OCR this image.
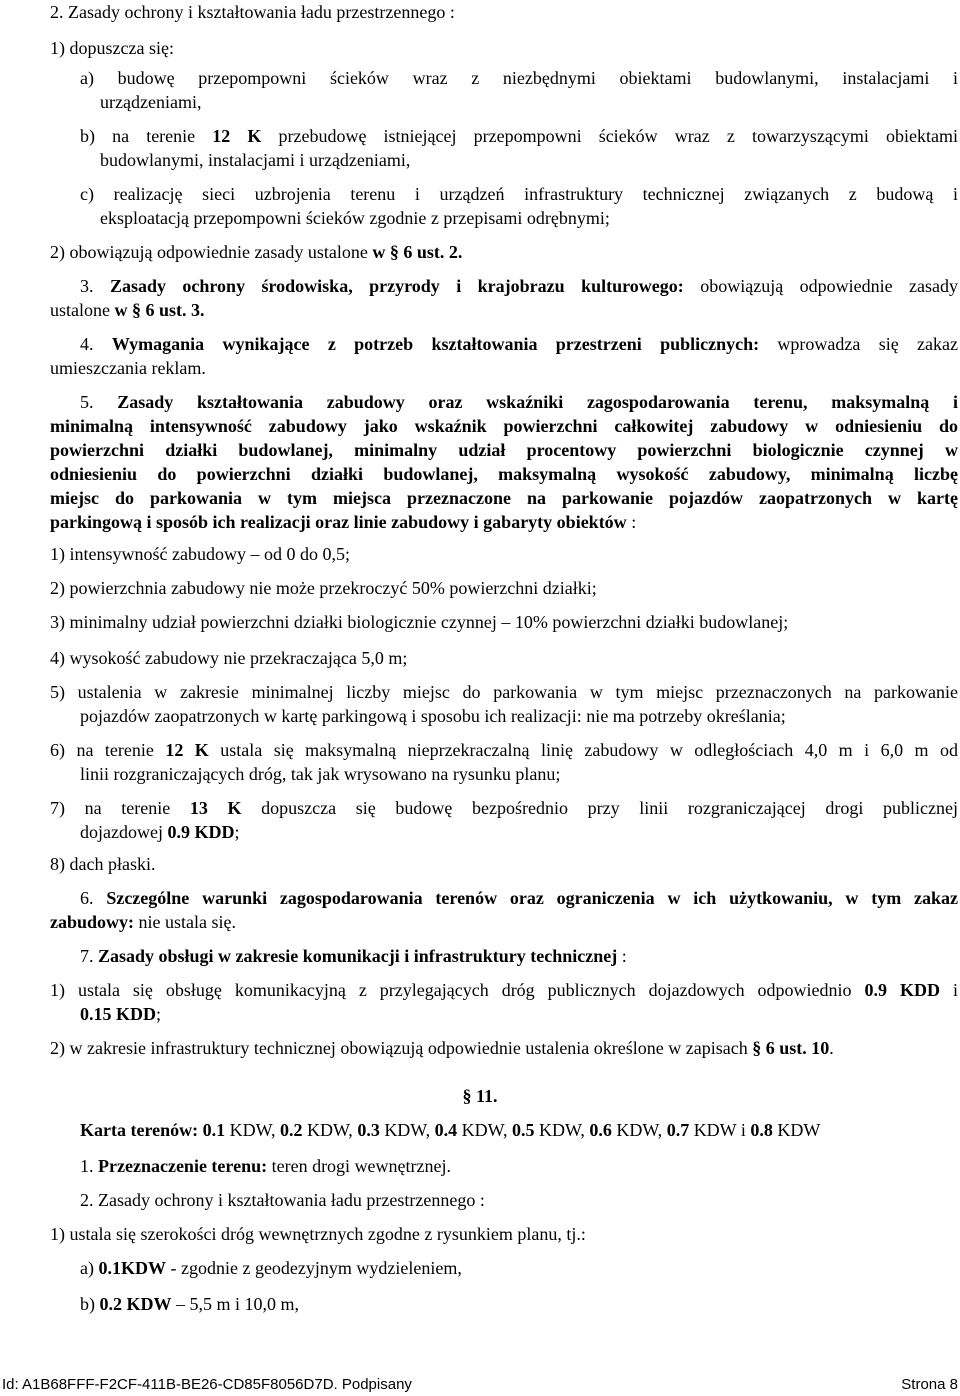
2. Zasady ochrony i kształtowania ładu przestrzennego :
1) dopuszcza się:
a) budowę przepompowni ścieków wraz z niezbędnymi obiektami budowlanymi, instalacjami i
urządzeniami,
b) na terenie 12 K przebudowę istniejącej przepompowni ścieków wraz z towarzyszącymi obiektami
budowlanymi, instalacjami i urządzeniami,
c) realizację sieci uzbrojenia terenu i urządzeń infrastruktury technicznej związanych z budową i
eksploatacją przepompowni ścieków zgodnie z przepisami odrębnymi;
2) obowiązują odpowiednie zasady ustalone w § 6 ust. 2.
3. Zasady ochrony środowiska, przyrody i krajobrazu kulturowego: obowiązują odpowiednie zasady
ustalone w § 6 ust. 3.
4. Wymagania wynikające z potrzeb kształtowania przestrzeni publicznych: wprowadza się zakaz
umieszczania reklam.
5. Zasady kształtowania zabudowy oraz wskaźniki zagospodarowania terenu, maksymalną i
minimalną intensywność zabudowy jako wskaźnik powierzchni całkowitej zabudowy w odniesieniu do
powierzchni działki budowlanej, minimalny udział procentowy powierzchni biologicznie czynnej w
odniesieniu do powierzchni działki budowlanej, maksymalną wysokość zabudowy, minimalną liczbę
miejsc do parkowania w tym miejsca przeznaczone na parkowanie pojazdów zaopatrzonych w kartę
parkingową i sposób ich realizacji oraz linie zabudowy i gabaryty obiektów :
1) intensywność zabudowy – od 0 do 0,5;
2) powierzchnia zabudowy nie może przekroczyć 50% powierzchni działki;
3) minimalny udział powierzchni działki biologicznie czynnej – 10% powierzchni działki budowlanej;
4) wysokość zabudowy nie przekraczająca 5,0 m;
5) ustalenia w zakresie minimalnej liczby miejsc do parkowania w tym miejsc przeznaczonych na parkowanie
pojazdów zaopatrzonych w kartę parkingową i sposobu ich realizacji: nie ma potrzeby określania;
6) na terenie 12 K ustala się maksymalną nieprzekraczalną linię zabudowy w odległościach 4,0 m i 6,0 m od
linii rozgraniczających dróg, tak jak wrysowano na rysunku planu;
7) na terenie 13 K dopuszcza się budowę bezpośrednio przy linii rozgraniczającej drogi publicznej
dojazdowej 0.9 KDD;
8) dach płaski.
6. Szczególne warunki zagospodarowania terenów oraz ograniczenia w ich użytkowaniu, w tym zakaz
zabudowy: nie ustala się.
7. Zasady obsługi w zakresie komunikacji i infrastruktury technicznej :
1) ustala się obsługę komunikacyjną z przylegających dróg publicznych dojazdowych odpowiednio 0.9 KDD i
0.15 KDD;
2) w zakresie infrastruktury technicznej obowiązują odpowiednie ustalenia określone w zapisach § 6 ust. 10.
§ 11.
Karta terenów: 0.1 KDW, 0.2 KDW, 0.3 KDW, 0.4 KDW, 0.5 KDW, 0.6 KDW, 0.7 KDW i 0.8 KDW
1. Przeznaczenie terenu: teren drogi wewnętrznej.
2. Zasady ochrony i kształtowania ładu przestrzennego :
1) ustala się szerokości dróg wewnętrznych zgodne z rysunkiem planu, tj.:
a) 0.1KDW - zgodnie z geodezyjnym wydzieleniem,
b) 0.2 KDW – 5,5 m i 10,0 m,
Id: A1B68FFF-F2CF-411B-BE26-CD85F8056D7D. Podpisany	Strona 8
